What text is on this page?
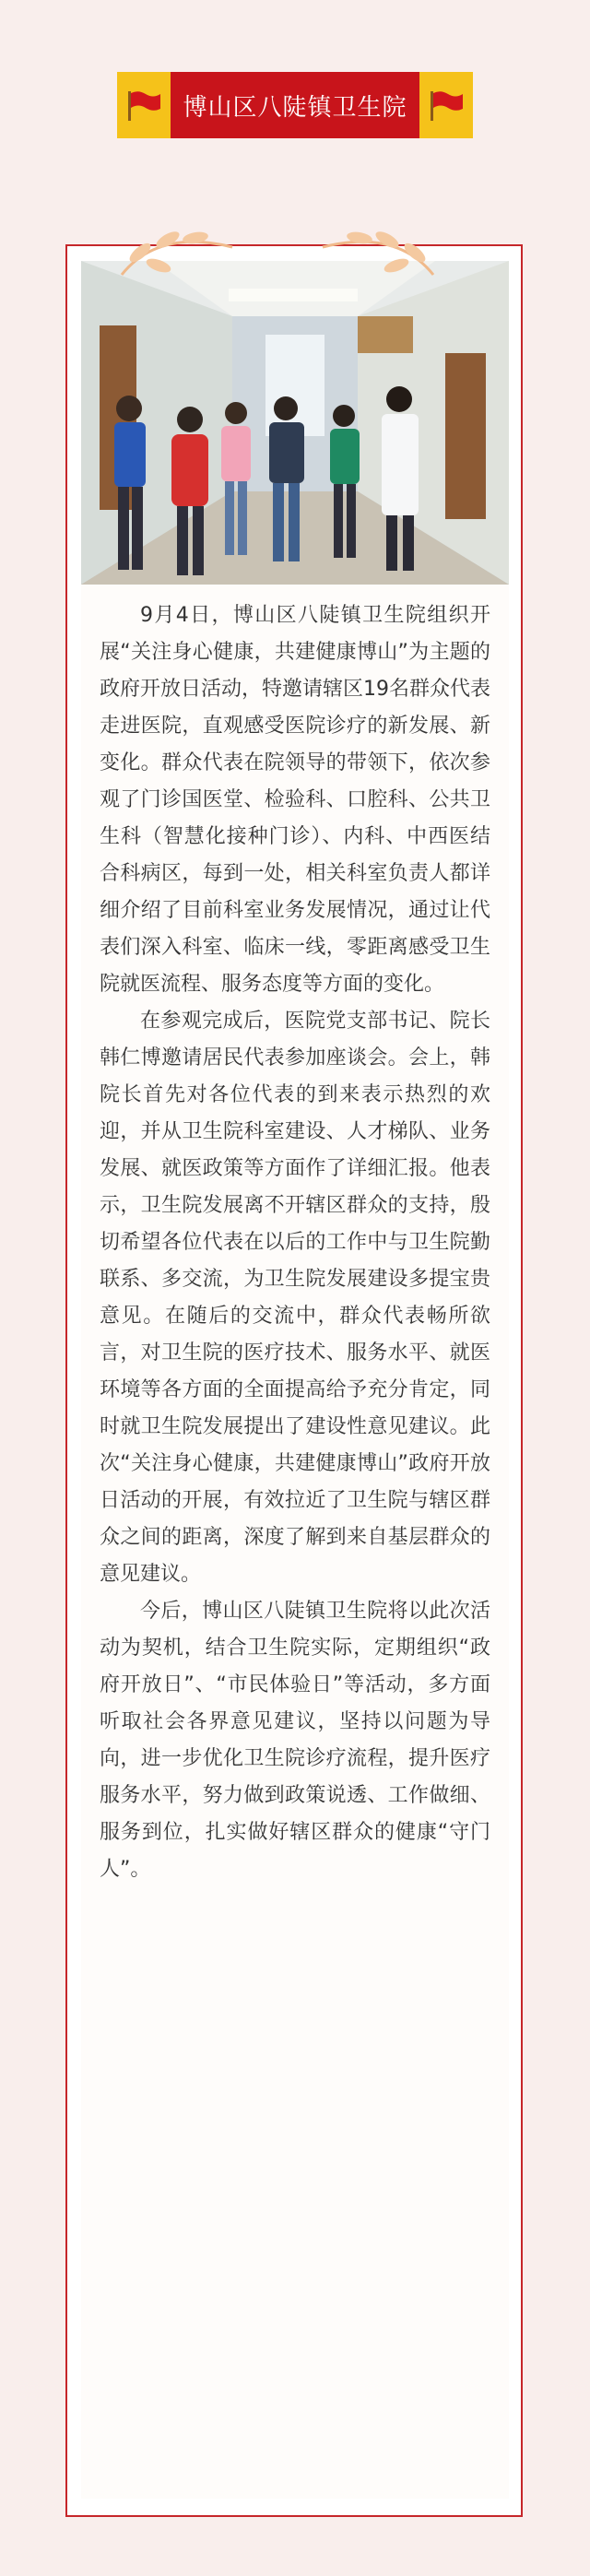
博山区八陡镇卫生院

9月4日，博山区八陡镇卫生院组织开展“关注身心健康，共建健康博山”为主题的政府开放日活动，特邀请辖区19名群众代表走进医院，直观感受医院诊疗的新发展、新变化。群众代表在院领导的带领下，依次参观了门诊国医堂、检验科、口腔科、公共卫生科（智慧化接种门诊）、内科、中西医结合科病区，每到一处，相关科室负责人都详细介绍了目前科室业务发展情况，通过让代表们深入科室、临床一线，零距离感受卫生院就医流程、服务态度等方面的变化。

在参观完成后，医院党支部书记、院长韩仁博邀请居民代表参加座谈会。会上，韩院长首先对各位代表的到来表示热烈的欢迎，并从卫生院科室建设、人才梯队、业务发展、就医政策等方面作了详细汇报。他表示，卫生院发展离不开辖区群众的支持，殷切希望各位代表在以后的工作中与卫生院勤联系、多交流，为卫生院发展建设多提宝贵意见。在随后的交流中，群众代表畅所欲言，对卫生院的医疗技术、服务水平、就医环境等各方面的全面提高给予充分肯定，同时就卫生院发展提出了建设性意见建议。此次“关注身心健康，共建健康博山”政府开放日活动的开展，有效拉近了卫生院与辖区群众之间的距离，深度了解到来自基层群众的意见建议。

今后，博山区八陡镇卫生院将以此次活动为契机，结合卫生院实际，定期组织“政府开放日”、“市民体验日”等活动，多方面听取社会各界意见建议，坚持以问题为导向，进一步优化卫生院诊疗流程，提升医疗服务水平，努力做到政策说透、工作做细、服务到位，扎实做好辖区群众的健康“守门人”。
